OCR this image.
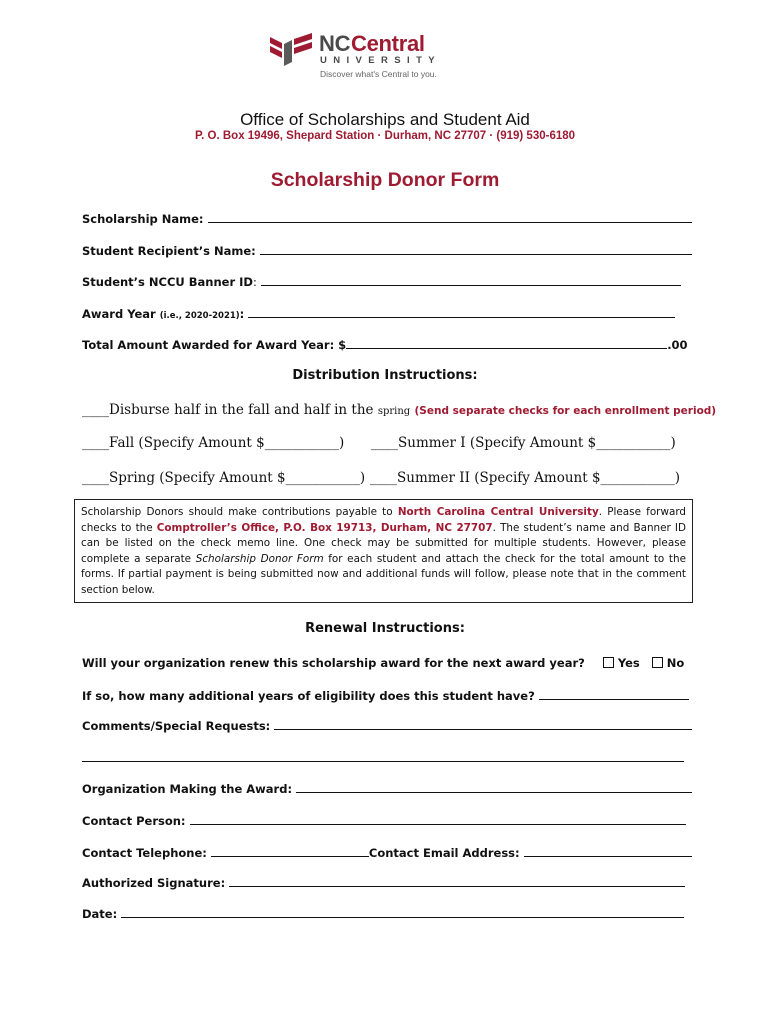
NC Central
UNIVERSITY
Discover what's Central to you.
Office of Scholarships and Student Aid
P. O. Box 19496, Shepard Station · Durham, NC 27707 · (919) 530-6180
Scholarship Donor Form
Scholarship Name:
Student Recipient’s Name:
Student’s NCCU Banner ID:
Award Year (i.e., 2020-2021):
Total Amount Awarded for Award Year: $	.00
Distribution Instructions:
____Disburse half in the fall and half in the spring (Send separate checks for each enrollment period)
____Fall (Specify Amount $___________) ____Summer I (Specify Amount $___________)
____Spring (Specify Amount $___________) ____Summer II (Specify Amount $___________)
Scholarship Donors should make contributions payable to North Carolina Central University. Please forward checks to the Comptroller’s Office, P.O. Box 19713, Durham, NC 27707. The student’s name and Banner ID can be listed on the check memo line. One check may be submitted for multiple students. However, please complete a separate Scholarship Donor Form for each student and attach the check for the total amount to the forms. If partial payment is being submitted now and additional funds will follow, please note that in the comment section below.
Renewal Instructions:
Will your organization renew this scholarship award for the next award year?	Yes No
If so, how many additional years of eligibility does this student have?
Comments/Special Requests:
Organization Making the Award:
Contact Person:
Contact Telephone:	Contact Email Address:
Authorized Signature:
Date:
